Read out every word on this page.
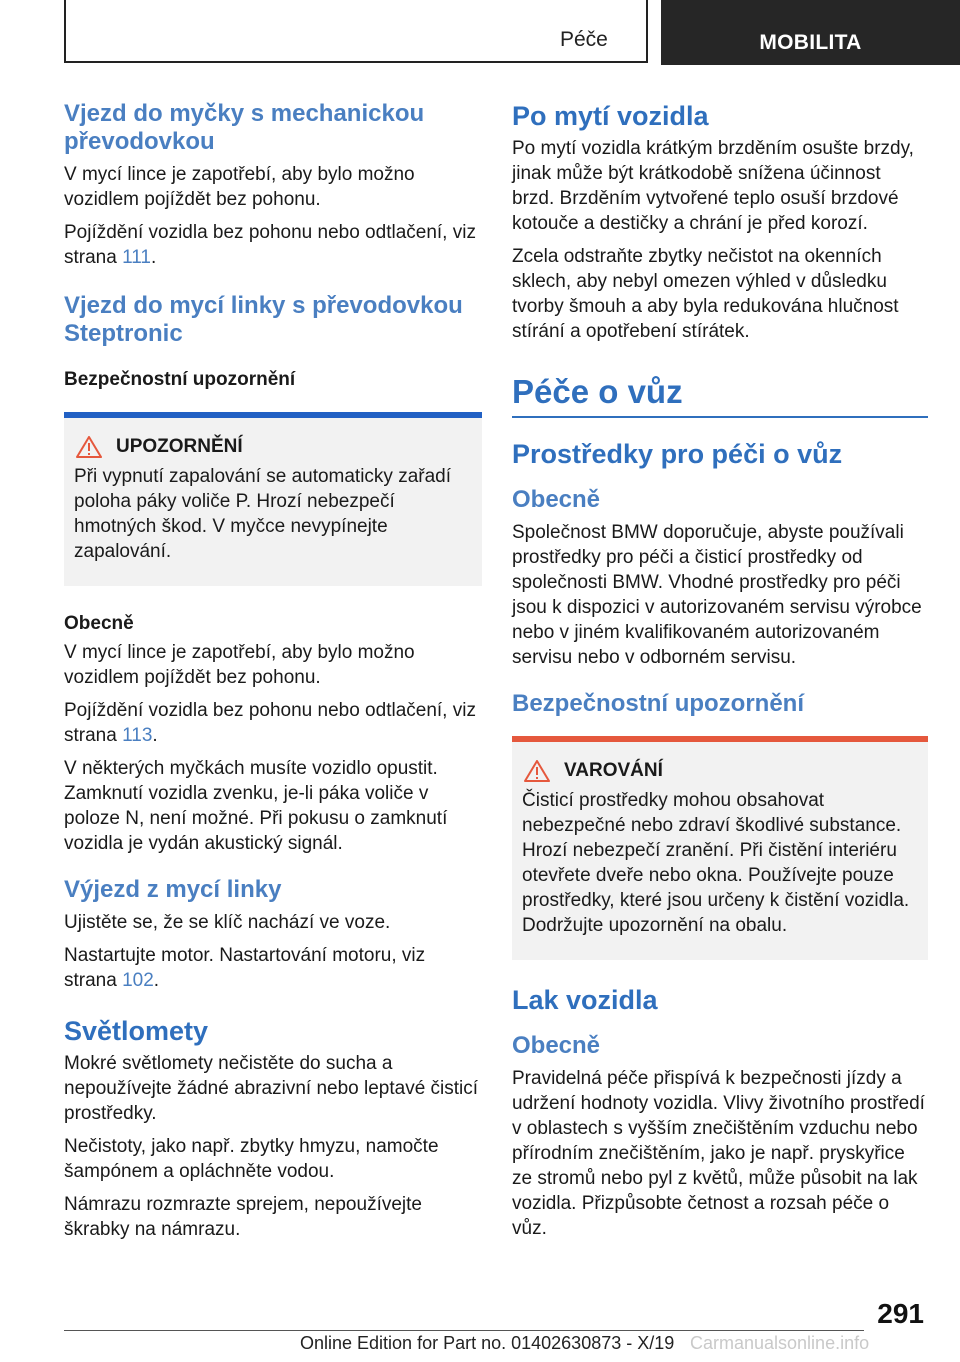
Péče	MOBILITA
Vjezd do myčky s mechanickou převodovkou

V mycí lince je zapotřebí, aby bylo možno vozidlem pojíždět bez pohonu.

Pojíždění vozidla bez pohonu nebo odtlačení, viz strana 111.

Vjezd do mycí linky s převodovkou Steptronic
Bezpečnostní upozornění
UPOZORNĚNÍ

Při vypnutí zapalování se automaticky zařadí poloha páky voliče P. Hrozí nebezpečí hmotných škod. V myčce nevypínejte zapalování.

Obecně

V mycí lince je zapotřebí, aby bylo možno vozidlem pojíždět bez pohonu.

Pojíždění vozidla bez pohonu nebo odtlačení, viz strana 113.

V některých myčkách musíte vozidlo opustit. Zamknutí vozidla zvenku, je-li páka voliče v poloze N, není možné. Při pokusu o zamknutí vozidla je vydán akustický signál.

Výjezd z mycí linky

Ujistěte se, že se klíč nachází ve voze.

Nastartujte motor. Nastartování motoru, viz strana 102.

Světlomety

Mokré světlomety nečistěte do sucha a nepoužívejte žádné abrazivní nebo leptavé čisticí prostředky.

Nečistoty, jako např. zbytky hmyzu, namočte šampónem a opláchněte vodou.

Námrazu rozmrazte sprejem, nepoužívejte škrabky na námrazu.

Po mytí vozidla

Po mytí vozidla krátkým brzděním osušte brzdy, jinak může být krátkodobě snížena účinnost brzd. Brzděním vytvořené teplo osuší brzdové kotouče a destičky a chrání je před korozí.

Zcela odstraňte zbytky nečistot na okenních sklech, aby nebyl omezen výhled v důsledku tvorby šmouh a aby byla redukována hlučnost stírání a opotřebení stírátek.

Péče o vůz
Prostředky pro péči o vůz
Obecně

Společnost BMW doporučuje, abyste používali prostředky pro péči a čisticí prostředky od společnosti BMW. Vhodné prostředky pro péči jsou k dispozici v autorizovaném servisu výrobce nebo v jiném kvalifikovaném autorizovaném servisu nebo v odborném servisu.

Bezpečnostní upozornění
VAROVÁNÍ

Čisticí prostředky mohou obsahovat nebezpečné nebo zdraví škodlivé substance. Hrozí nebezpečí zranění. Při čistění interiéru otevřete dveře nebo okna. Používejte pouze prostředky, které jsou určeny k čistění vozidla. Dodržujte upozornění na obalu.

Lak vozidla
Obecně

Pravidelná péče přispívá k bezpečnosti jízdy a udržení hodnoty vozidla. Vlivy životního prostředí v oblastech s vyšším znečištěním vzduchu nebo přírodním znečištěním, jako je např. pryskyřice ze stromů nebo pyl z květů, může působit na lak vozidla. Přizpůsobte četnost a rozsah péče o vůz.

291
Online Edition for Part no. 01402630873 - X/19 Carmanualsonline.info
